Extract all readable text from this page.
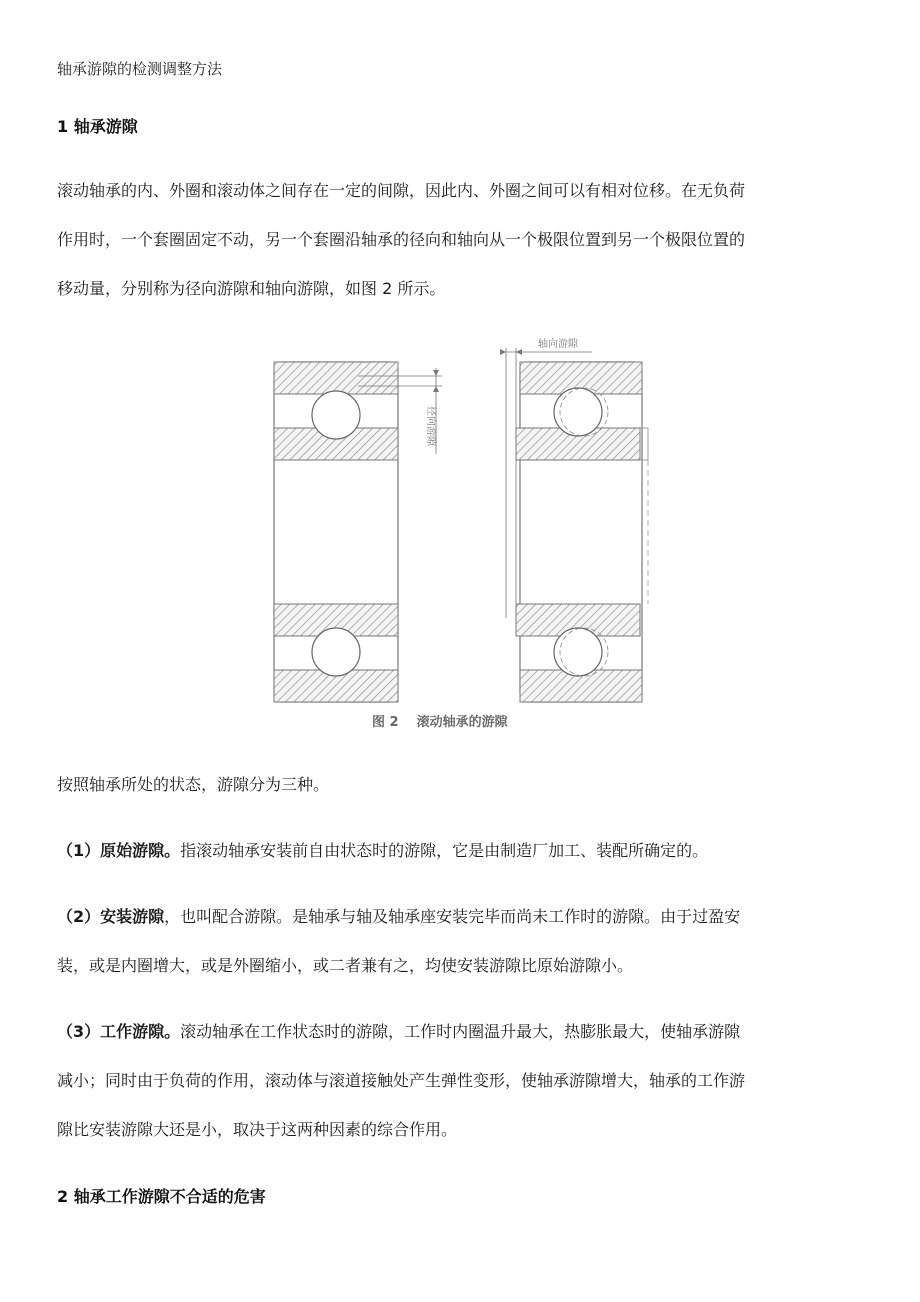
轴承游隙的检测调整方法
1 轴承游隙
滚动轴承的内、外圈和滚动体之间存在一定的间隙，因此内、外圈之间可以有相对位移。在无负荷
作用时，一个套圈固定不动，另一个套圈沿轴承的径向和轴向从一个极限位置到另一个极限位置的
移动量，分别称为径向游隙和轴向游隙，如图 2 所示。
径向游隙
轴向游隙
图 2    滚动轴承的游隙
按照轴承所处的状态，游隙分为三种。
（1）原始游隙。指滚动轴承安装前自由状态时的游隙，它是由制造厂加工、装配所确定的。
（2）安装游隙，也叫配合游隙。是轴承与轴及轴承座安装完毕而尚未工作时的游隙。由于过盈安
装，或是内圈增大，或是外圈缩小，或二者兼有之，均使安装游隙比原始游隙小。
（3）工作游隙。滚动轴承在工作状态时的游隙，工作时内圈温升最大，热膨胀最大，使轴承游隙
减小；同时由于负荷的作用，滚动体与滚道接触处产生弹性变形，使轴承游隙增大，轴承的工作游
隙比安装游隙大还是小，取决于这两种因素的综合作用。
2 轴承工作游隙不合适的危害
